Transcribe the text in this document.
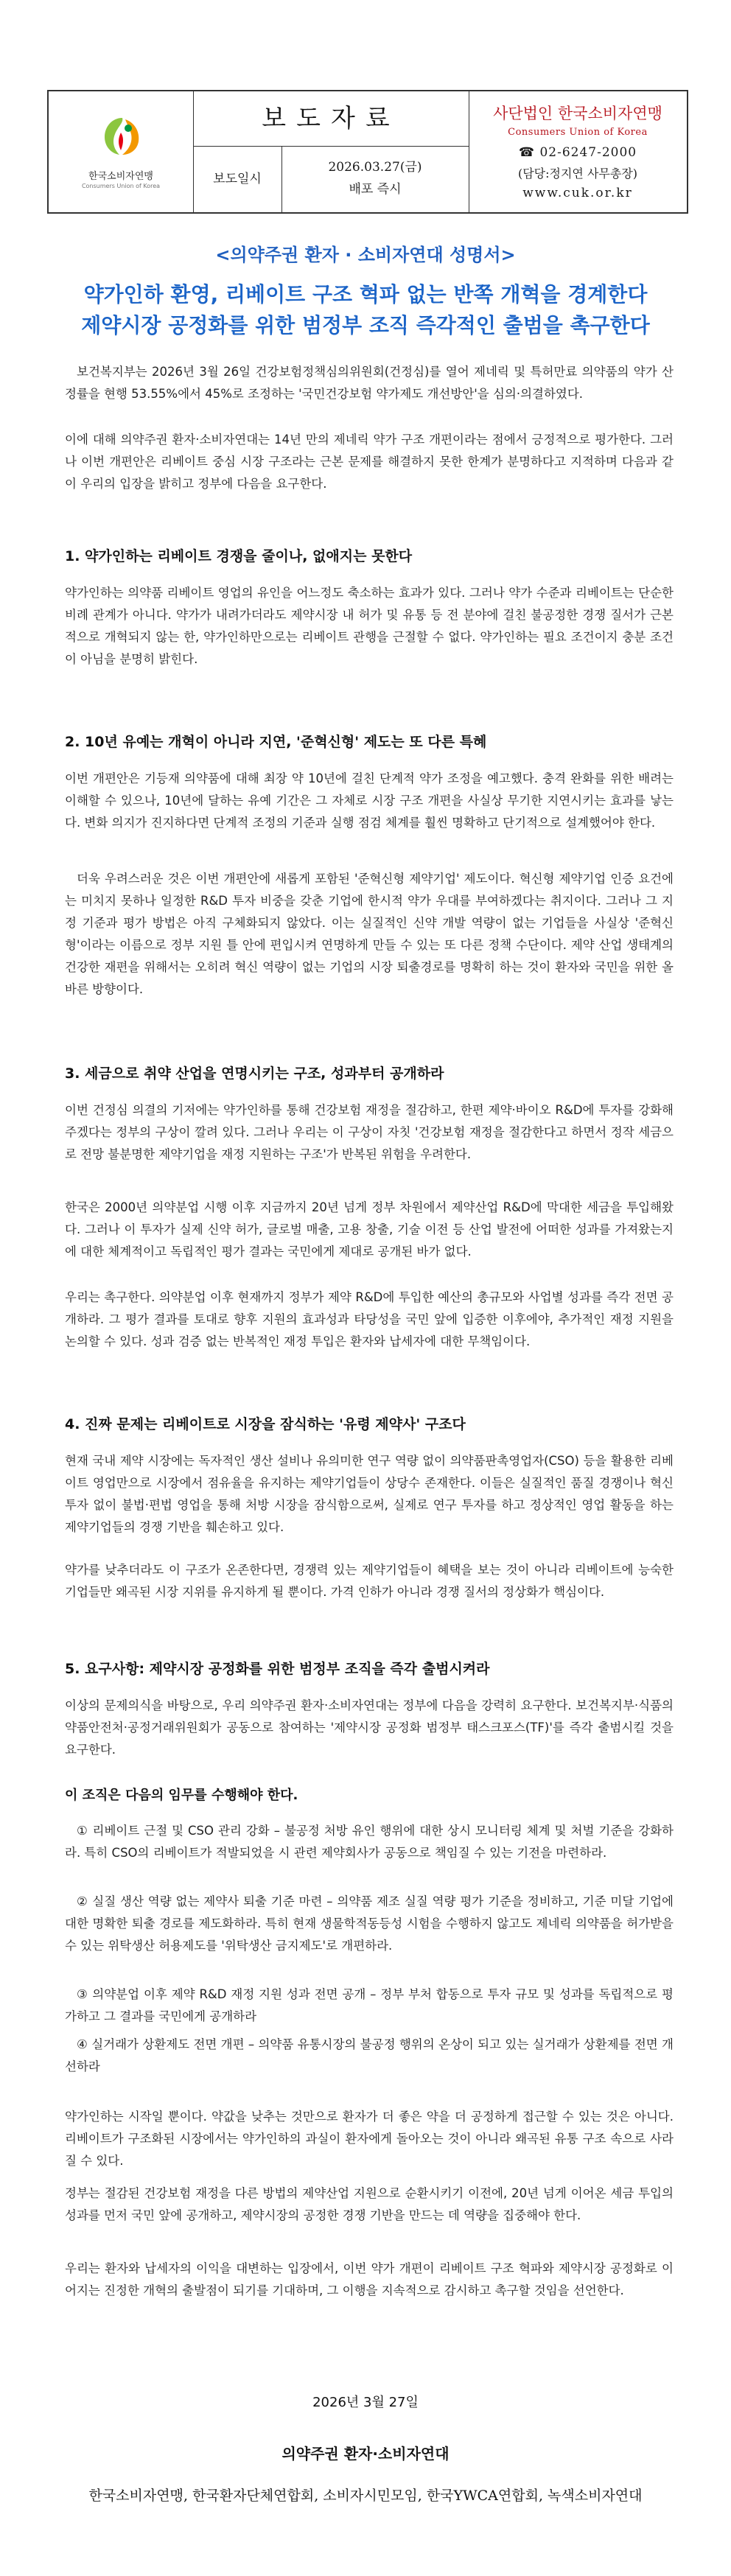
한국소비자연맹
Consumers Union of Korea
보도자료
보도일시
2026.03.27(금)
배포 즉시
사단법인 한국소비자연맹
Consumers Union of Korea
☎ 02-6247-2000
(담당:정지연 사무총장)
www.cuk.or.kr
<의약주권 환자 · 소비자연대 성명서>
약가인하 환영, 리베이트 구조 혁파 없는 반쪽 개혁을 경계한다
제약시장 공정화를 위한 범정부 조직 즉각적인 출범을 촉구한다

보건복지부는 2026년 3월 26일 건강보험정책심의위원회(건정심)를 열어 제네릭 및 특허만료 의약품의 약가 산정률을 현행 53.55%에서 45%로 조정하는 '국민건강보험 약가제도 개선방안'을 심의·의결하였다.

이에 대해 의약주권 환자·소비자연대는 14년 만의 제네릭 약가 구조 개편이라는 점에서 긍정적으로 평가한다. 그러나 이번 개편안은 리베이트 중심 시장 구조라는 근본 문제를 해결하지 못한 한계가 분명하다고 지적하며 다음과 같이 우리의 입장을 밝히고 정부에 다음을 요구한다.

1. 약가인하는 리베이트 경쟁을 줄이나, 없애지는 못한다

약가인하는 의약품 리베이트 영업의 유인을 어느정도 축소하는 효과가 있다. 그러나 약가 수준과 리베이트는 단순한 비례 관계가 아니다. 약가가 내려가더라도 제약시장 내 허가 및 유통 등 전 분야에 걸친 불공정한 경쟁 질서가 근본적으로 개혁되지 않는 한, 약가인하만으로는 리베이트 관행을 근절할 수 없다. 약가인하는 필요 조건이지 충분 조건이 아님을 분명히 밝힌다.

2. 10년 유예는 개혁이 아니라 지연, '준혁신형' 제도는 또 다른 특혜

이번 개편안은 기등재 의약품에 대해 최장 약 10년에 걸친 단계적 약가 조정을 예고했다. 충격 완화를 위한 배려는 이해할 수 있으나, 10년에 달하는 유예 기간은 그 자체로 시장 구조 개편을 사실상 무기한 지연시키는 효과를 낳는다. 변화 의지가 진지하다면 단계적 조정의 기준과 실행 점검 체계를 훨씬 명확하고 단기적으로 설계했어야 한다.

더욱 우려스러운 것은 이번 개편안에 새롭게 포함된 '준혁신형 제약기업' 제도이다. 혁신형 제약기업 인증 요건에는 미치지 못하나 일정한 R&D 투자 비중을 갖춘 기업에 한시적 약가 우대를 부여하겠다는 취지이다. 그러나 그 지정 기준과 평가 방법은 아직 구체화되지 않았다. 이는 실질적인 신약 개발 역량이 없는 기업들을 사실상 '준혁신형'이라는 이름으로 정부 지원 틀 안에 편입시켜 연명하게 만들 수 있는 또 다른 정책 수단이다. 제약 산업 생태계의 건강한 재편을 위해서는 오히려 혁신 역량이 없는 기업의 시장 퇴출경로를 명확히 하는 것이 환자와 국민을 위한 올바른 방향이다.

3. 세금으로 취약 산업을 연명시키는 구조, 성과부터 공개하라

이번 건정심 의결의 기저에는 약가인하를 통해 건강보험 재정을 절감하고, 한편 제약·바이오 R&D에 투자를 강화해 주겠다는 정부의 구상이 깔려 있다. 그러나 우리는 이 구상이 자칫 '건강보험 재정을 절감한다고 하면서 정작 세금으로 전망 불분명한 제약기업을 재정 지원하는 구조'가 반복된 위험을 우려한다.

한국은 2000년 의약분업 시행 이후 지금까지 20년 넘게 정부 차원에서 제약산업 R&D에 막대한 세금을 투입해왔다. 그러나 이 투자가 실제 신약 허가, 글로벌 매출, 고용 창출, 기술 이전 등 산업 발전에 어떠한 성과를 가져왔는지에 대한 체계적이고 독립적인 평가 결과는 국민에게 제대로 공개된 바가 없다.

우리는 촉구한다. 의약분업 이후 현재까지 정부가 제약 R&D에 투입한 예산의 총규모와 사업별 성과를 즉각 전면 공개하라. 그 평가 결과를 토대로 향후 지원의 효과성과 타당성을 국민 앞에 입증한 이후에야, 추가적인 재정 지원을 논의할 수 있다. 성과 검증 없는 반복적인 재정 투입은 환자와 납세자에 대한 무책임이다.

4. 진짜 문제는 리베이트로 시장을 잠식하는 '유령 제약사' 구조다

현재 국내 제약 시장에는 독자적인 생산 설비나 유의미한 연구 역량 없이 의약품판촉영업자(CSO) 등을 활용한 리베이트 영업만으로 시장에서 점유율을 유지하는 제약기업들이 상당수 존재한다. 이들은 실질적인 품질 경쟁이나 혁신 투자 없이 불법·편법 영업을 통해 처방 시장을 잠식함으로써, 실제로 연구 투자를 하고 정상적인 영업 활동을 하는 제약기업들의 경쟁 기반을 훼손하고 있다.

약가를 낮추더라도 이 구조가 온존한다면, 경쟁력 있는 제약기업들이 혜택을 보는 것이 아니라 리베이트에 능숙한 기업들만 왜곡된 시장 지위를 유지하게 될 뿐이다. 가격 인하가 아니라 경쟁 질서의 정상화가 핵심이다.

5. 요구사항: 제약시장 공정화를 위한 범정부 조직을 즉각 출범시켜라

이상의 문제의식을 바탕으로, 우리 의약주권 환자·소비자연대는 정부에 다음을 강력히 요구한다. 보건복지부·식품의약품안전처·공정거래위원회가 공동으로 참여하는 '제약시장 공정화 범정부 태스크포스(TF)'를 즉각 출범시킬 것을 요구한다.

이 조직은 다음의 임무를 수행해야 한다.

① 리베이트 근절 및 CSO 관리 강화 – 불공정 처방 유인 행위에 대한 상시 모니터링 체계 및 처벌 기준을 강화하라. 특히 CSO의 리베이트가 적발되었을 시 관련 제약회사가 공동으로 책임질 수 있는 기전을 마련하라.

② 실질 생산 역량 없는 제약사 퇴출 기준 마련 – 의약품 제조 실질 역량 평가 기준을 정비하고, 기준 미달 기업에 대한 명확한 퇴출 경로를 제도화하라. 특히 현재 생물학적동등성 시험을 수행하지 않고도 제네릭 의약품을 허가받을 수 있는 위탁생산 허용제도를 '위탁생산 금지제도'로 개편하라.

③ 의약분업 이후 제약 R&D 재정 지원 성과 전면 공개 – 정부 부처 합동으로 투자 규모 및 성과를 독립적으로 평가하고 그 결과를 국민에게 공개하라

④ 실거래가 상환제도 전면 개편 – 의약품 유통시장의 불공정 행위의 온상이 되고 있는 실거래가 상환제를 전면 개선하라

약가인하는 시작일 뿐이다. 약값을 낮추는 것만으로 환자가 더 좋은 약을 더 공정하게 접근할 수 있는 것은 아니다. 리베이트가 구조화된 시장에서는 약가인하의 과실이 환자에게 돌아오는 것이 아니라 왜곡된 유통 구조 속으로 사라질 수 있다.

정부는 절감된 건강보험 재정을 다른 방법의 제약산업 지원으로 순환시키기 이전에, 20년 넘게 이어온 세금 투입의 성과를 먼저 국민 앞에 공개하고, 제약시장의 공정한 경쟁 기반을 만드는 데 역량을 집중해야 한다.

우리는 환자와 납세자의 이익을 대변하는 입장에서, 이번 약가 개편이 리베이트 구조 혁파와 제약시장 공정화로 이어지는 진정한 개혁의 출발점이 되기를 기대하며, 그 이행을 지속적으로 감시하고 촉구할 것임을 선언한다.

2026년 3월 27일
의약주권 환자·소비자연대
한국소비자연맹, 한국환자단체연합회, 소비자시민모임, 한국YWCA연합회, 녹색소비자연대
